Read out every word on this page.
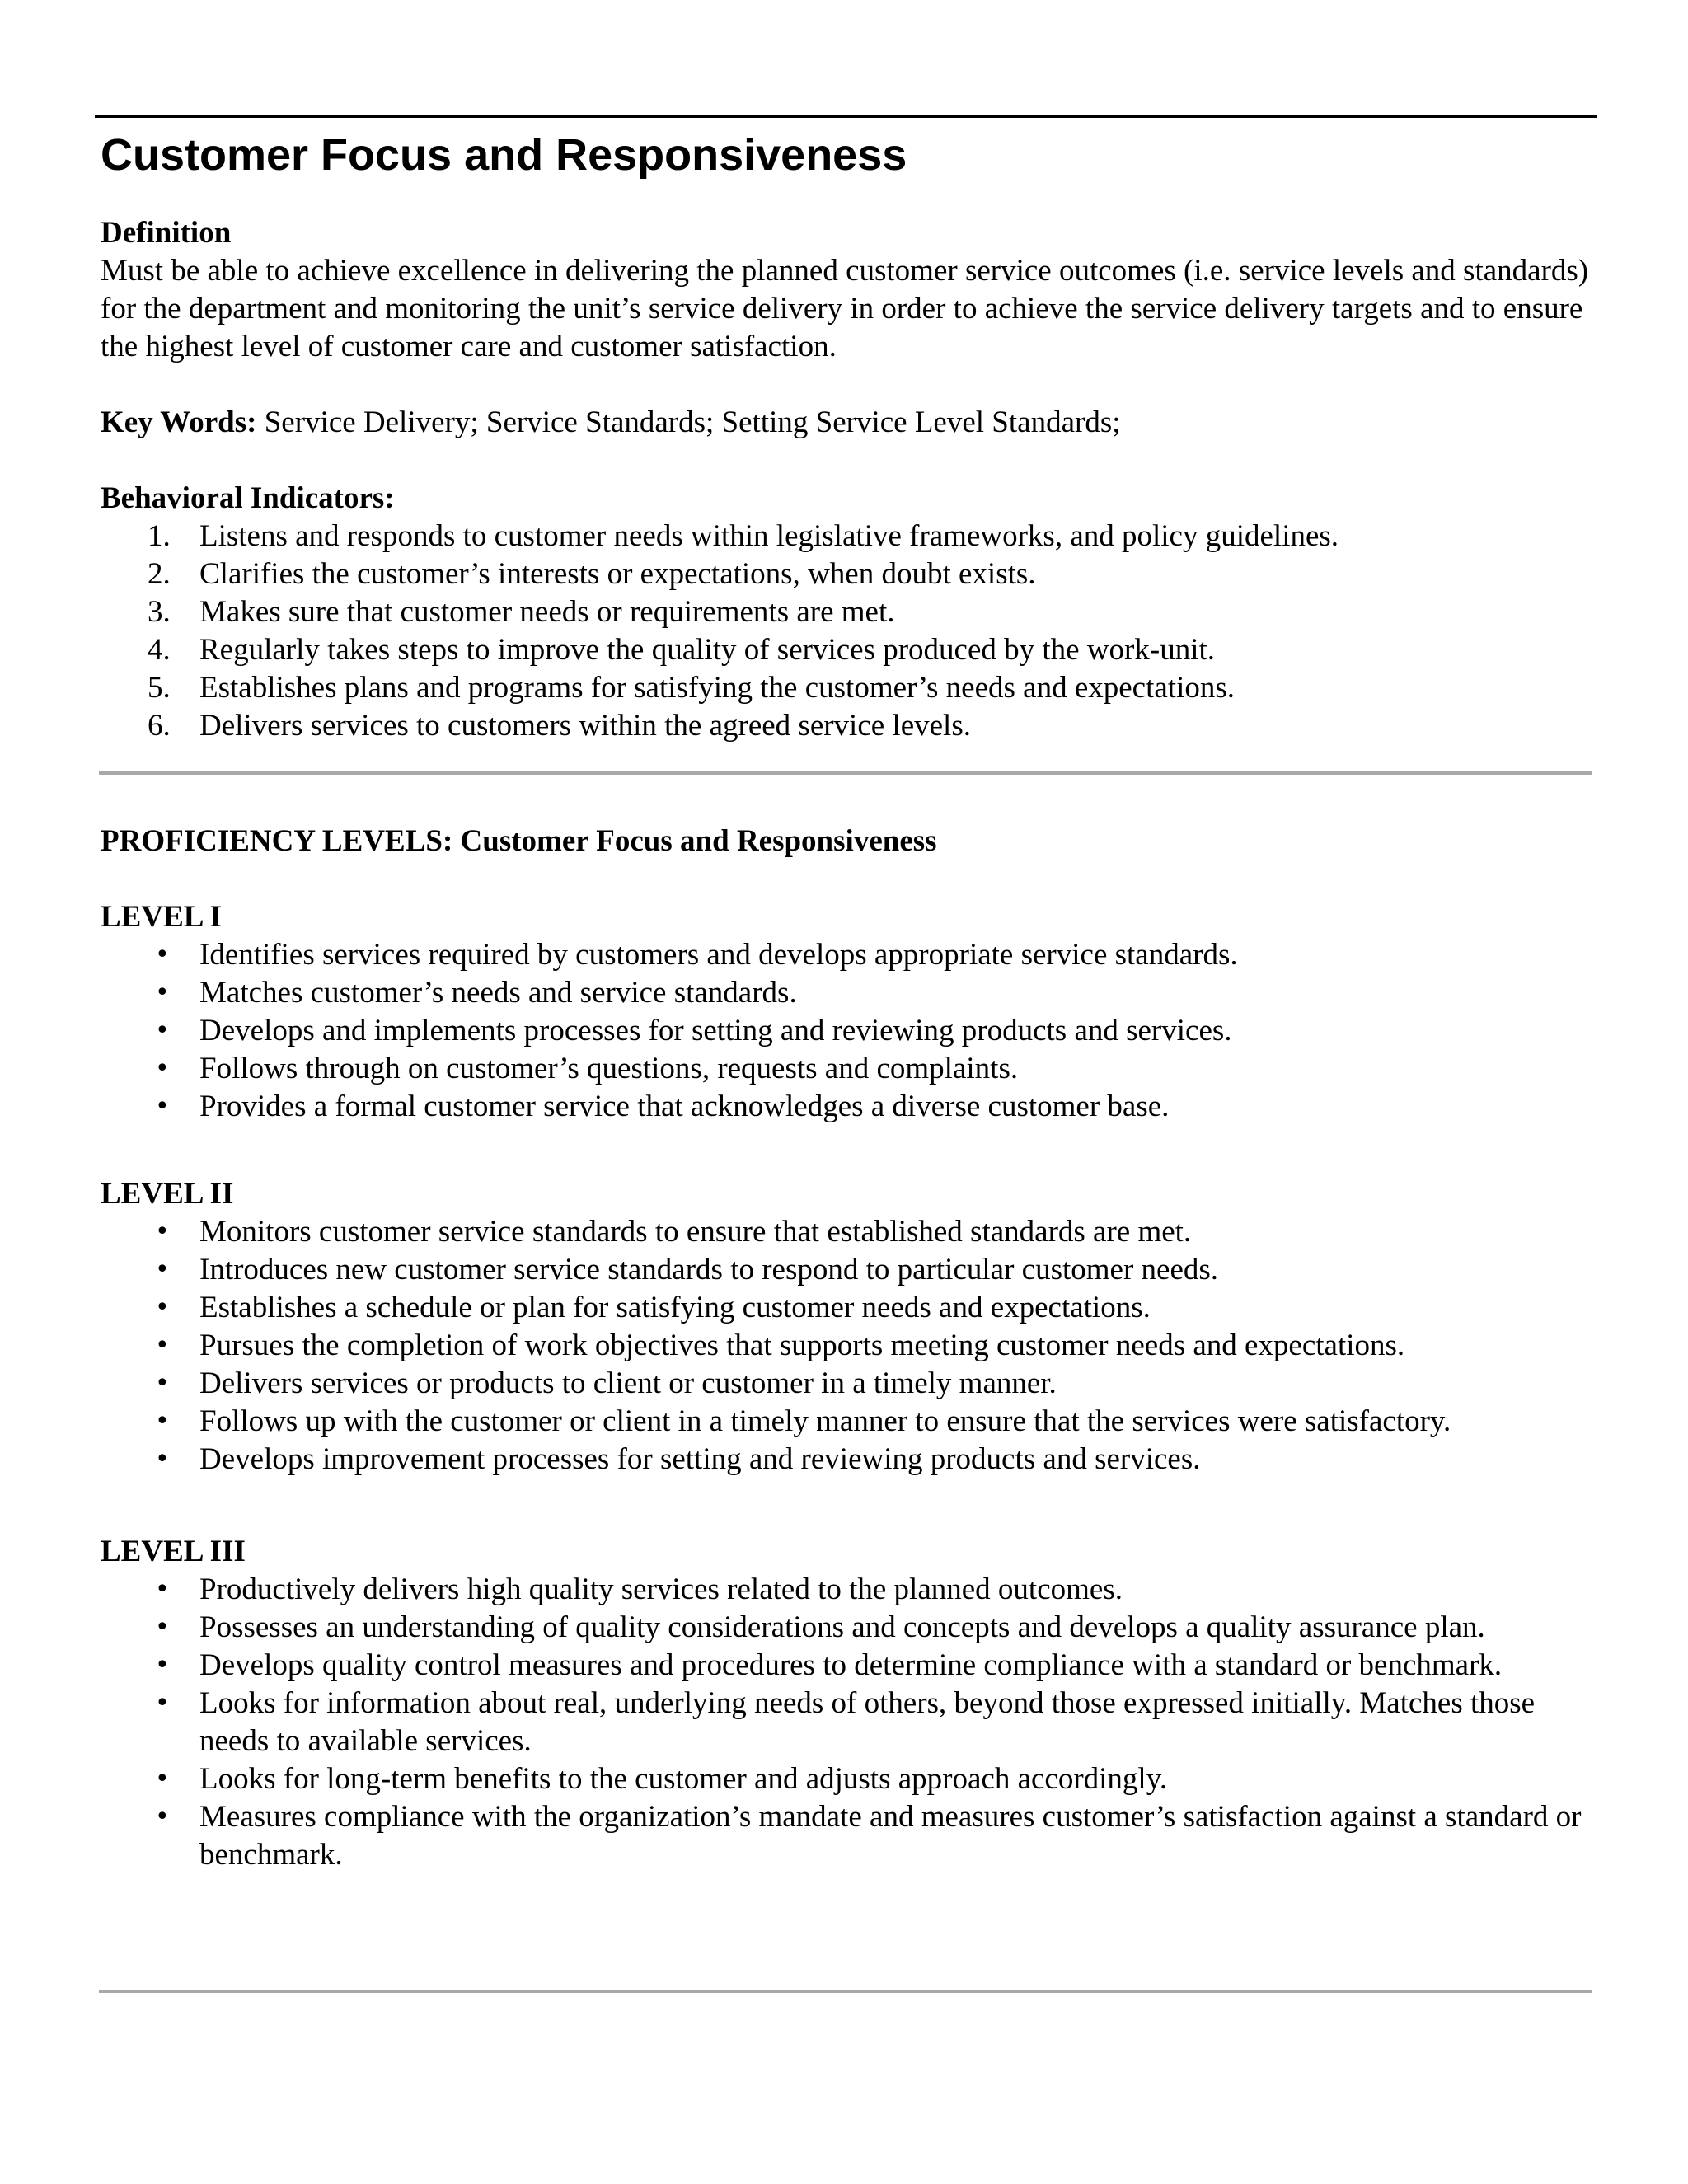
Customer Focus and Responsiveness

Definition

Must be able to achieve excellence in delivering the planned customer service outcomes (i.e. service levels and standards) for the department and monitoring the unit’s service delivery in order to achieve the service delivery targets and to ensure the highest level of customer care and customer satisfaction.

Key Words: Service Delivery; Service Standards; Setting Service Level Standards;

Behavioral Indicators:

1. Listens and responds to customer needs within legislative frameworks, and policy guidelines.
2. Clarifies the customer’s interests or expectations, when doubt exists.
3. Makes sure that customer needs or requirements are met.
4. Regularly takes steps to improve the quality of services produced by the work-unit.
5. Establishes plans and programs for satisfying the customer’s needs and expectations.
6. Delivers services to customers within the agreed service levels.

PROFICIENCY LEVELS: Customer Focus and Responsiveness

LEVEL I

• Identifies services required by customers and develops appropriate service standards.
• Matches customer’s needs and service standards.
• Develops and implements processes for setting and reviewing products and services.
• Follows through on customer’s questions, requests and complaints.
• Provides a formal customer service that acknowledges a diverse customer base.

LEVEL II

• Monitors customer service standards to ensure that established standards are met.
• Introduces new customer service standards to respond to particular customer needs.
• Establishes a schedule or plan for satisfying customer needs and expectations.
• Pursues the completion of work objectives that supports meeting customer needs and expectations.
• Delivers services or products to client or customer in a timely manner.
• Follows up with the customer or client in a timely manner to ensure that the services were satisfactory.
• Develops improvement processes for setting and reviewing products and services.

LEVEL III

• Productively delivers high quality services related to the planned outcomes.
• Possesses an understanding of quality considerations and concepts and develops a quality assurance plan.
• Develops quality control measures and procedures to determine compliance with a standard or benchmark.
• Looks for information about real, underlying needs of others, beyond those expressed initially. Matches those needs to available services.
• Looks for long-term benefits to the customer and adjusts approach accordingly.
• Measures compliance with the organization’s mandate and measures customer’s satisfaction against a standard or benchmark.
